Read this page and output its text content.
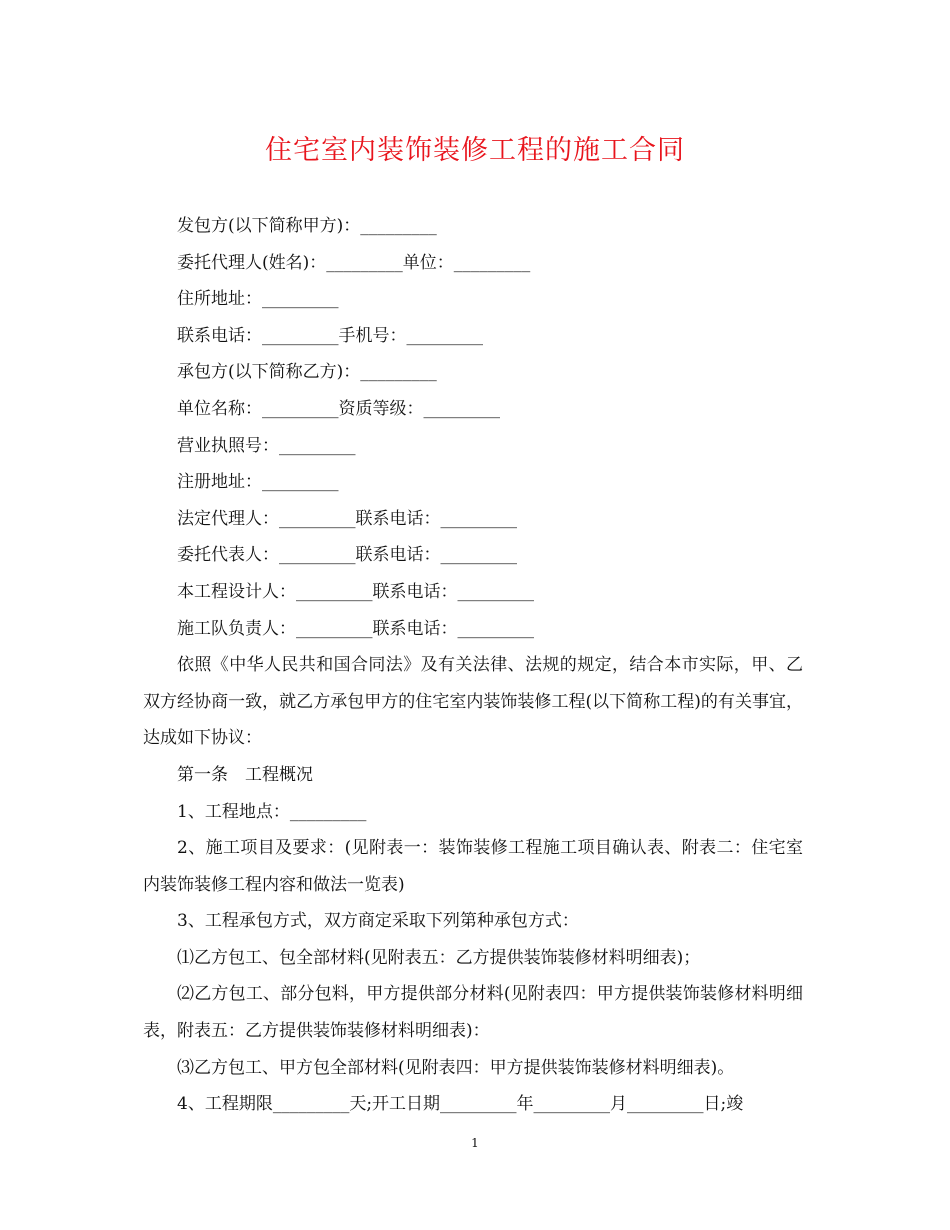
住宅室内装饰装修工程的施工合同

发包方(以下简称甲方)：_________

委托代理人(姓名)：_________单位：_________

住所地址：_________

联系电话：_________手机号：_________

承包方(以下简称乙方)：_________

单位名称：_________资质等级：_________

营业执照号：_________

注册地址：_________

法定代理人：_________联系电话：_________

委托代表人：_________联系电话：_________

本工程设计人：_________联系电话：_________

施工队负责人：_________联系电话：_________

依照《中华人民共和国合同法》及有关法律、法规的规定，结合本市实际，甲、乙双方经协商一致，就乙方承包甲方的住宅室内装饰装修工程(以下简称工程)的有关事宜，达成如下协议：

第一条　工程概况

1、工程地点：_________

2、施工项目及要求：(见附表一：装饰装修工程施工项目确认表、附表二：住宅室内装饰装修工程内容和做法一览表)

3、工程承包方式，双方商定采取下列第种承包方式：

⑴乙方包工、包全部材料(见附表五：乙方提供装饰装修材料明细表)；

⑵乙方包工、部分包料，甲方提供部分材料(见附表四：甲方提供装饰装修材料明细表，附表五：乙方提供装饰装修材料明细表)：

⑶乙方包工、甲方包全部材料(见附表四：甲方提供装饰装修材料明细表)。

4、工程期限_________天;开工日期_________年_________月_________日;竣

1
